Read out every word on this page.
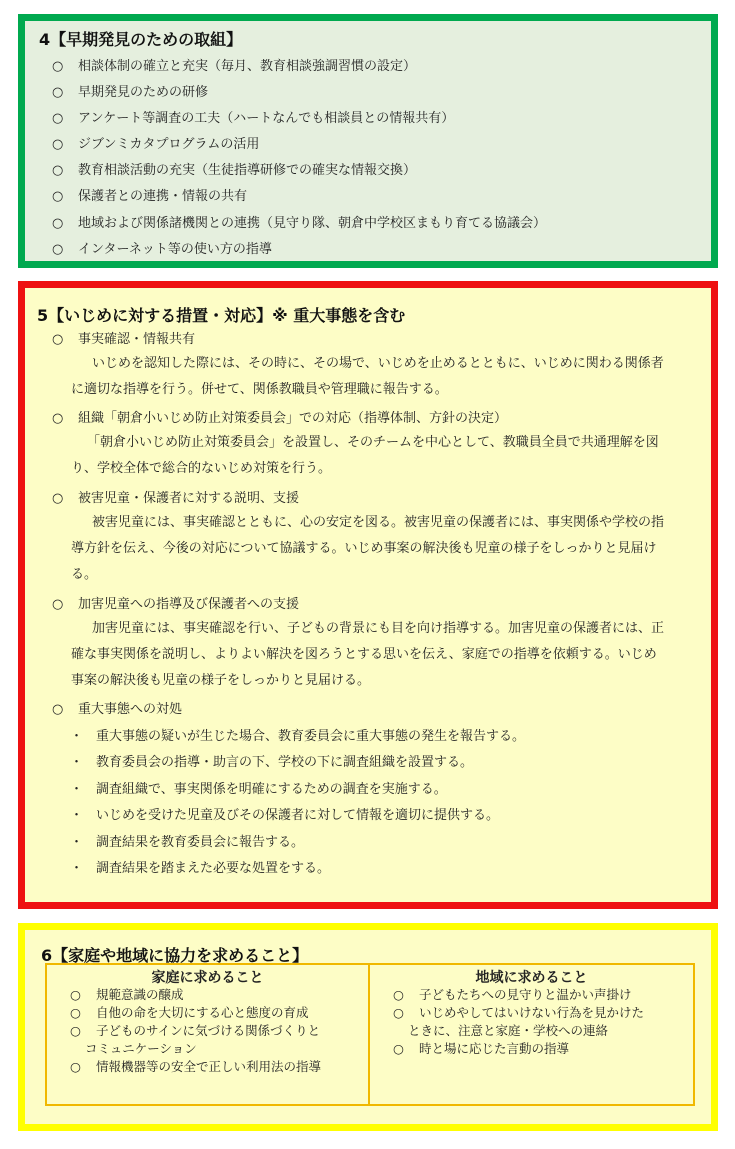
4【早期発見のための取組】
○ 相談体制の確立と充実（毎月、教育相談強調習慣の設定）
○ 早期発見のための研修
○ アンケート等調査の工夫（ハートなんでも相談員との情報共有）
○ ジブンミカタプログラムの活用
○ 教育相談活動の充実（生徒指導研修での確実な情報交換）
○ 保護者との連携・情報の共有
○ 地域および関係諸機関との連携（見守り隊、朝倉中学校区まもり育てる協議会）
○ インターネット等の使い方の指導
5【いじめに対する措置・対応】※ 重大事態を含む
○ 事実確認・情報共有
いじめを認知した際には、その時に、その場で、いじめを止めるとともに、いじめに関わる関係者
に適切な指導を行う。併せて、関係教職員や管理職に報告する。
○ 組織「朝倉小いじめ防止対策委員会」での対応（指導体制、方針の決定）
「朝倉小いじめ防止対策委員会」を設置し、そのチームを中心として、教職員全員で共通理解を図
り、学校全体で総合的ないじめ対策を行う。
○ 被害児童・保護者に対する説明、支援
被害児童には、事実確認とともに、心の安定を図る。被害児童の保護者には、事実関係や学校の指
導方針を伝え、今後の対応について協議する。いじめ事案の解決後も児童の様子をしっかりと見届け
る。
○ 加害児童への指導及び保護者への支援
加害児童には、事実確認を行い、子どもの背景にも目を向け指導する。加害児童の保護者には、正
確な事実関係を説明し、よりよい解決を図ろうとする思いを伝え、家庭での指導を依頼する。いじめ
事案の解決後も児童の様子をしっかりと見届ける。
○ 重大事態への対処
・ 重大事態の疑いが生じた場合、教育委員会に重大事態の発生を報告する。
・ 教育委員会の指導・助言の下、学校の下に調査組織を設置する。
・ 調査組織で、事実関係を明確にするための調査を実施する。
・ いじめを受けた児童及びその保護者に対して情報を適切に提供する。
・ 調査結果を教育委員会に報告する。
・ 調査結果を踏まえた必要な処置をする。
6【家庭や地域に協力を求めること】
家庭に求めること
○ 規範意識の醸成
○ 自他の命を大切にする心と態度の育成
○ 子どものサインに気づける関係づくりと
コミュニケーション
○ 情報機器等の安全で正しい利用法の指導
地域に求めること
○ 子どもたちへの見守りと温かい声掛け
○ いじめやしてはいけない行為を見かけた
ときに、注意と家庭・学校への連絡
○ 時と場に応じた言動の指導
